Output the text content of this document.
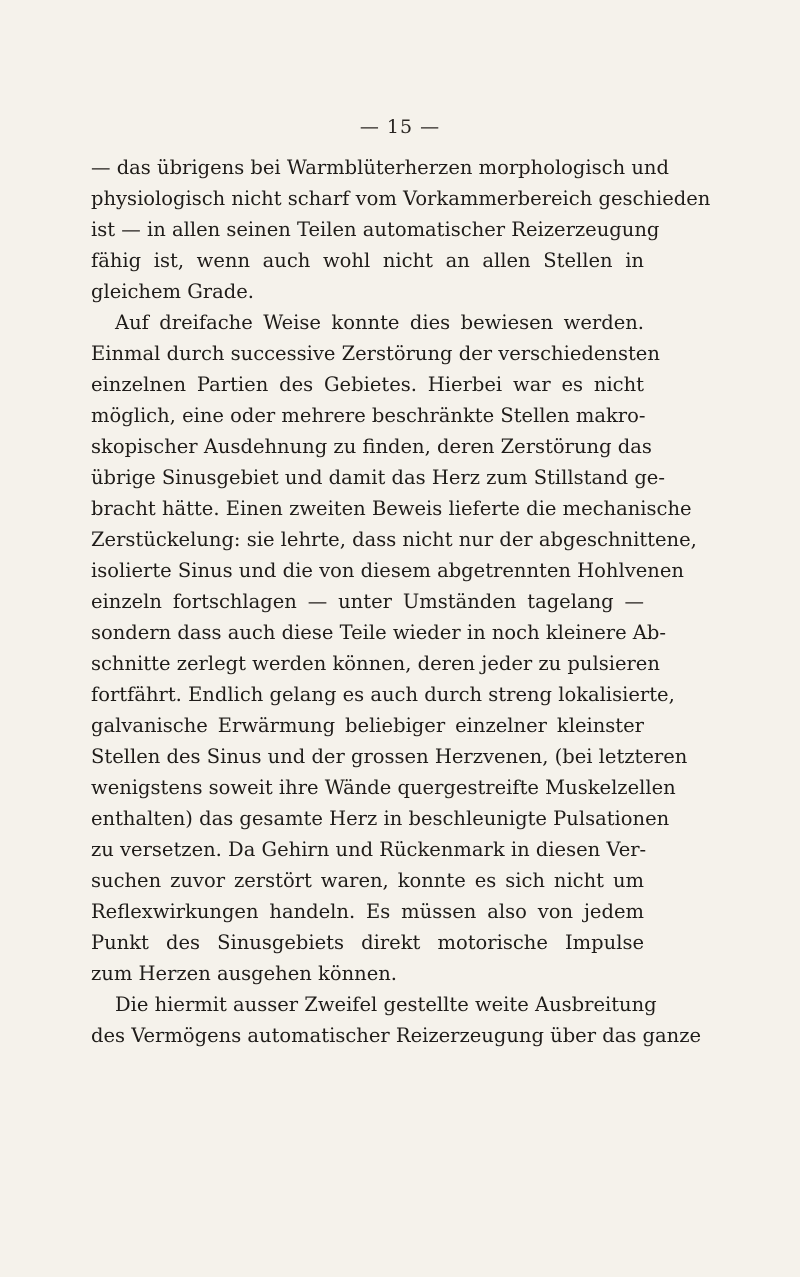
— 15 —
— das übrigens bei Warmblüterherzen morphologisch und
physiologisch nicht scharf vom Vorkammerbereich geschieden
ist — in allen seinen Teilen automatischer Reizerzeugung
fähig ist, wenn auch wohl nicht an allen Stellen in
gleichem Grade.
Auf dreifache Weise konnte dies bewiesen werden.
Einmal durch successive Zerstörung der verschiedensten
einzelnen Partien des Gebietes. Hierbei war es nicht
möglich, eine oder mehrere beschränkte Stellen makro-
skopischer Ausdehnung zu finden, deren Zerstörung das
übrige Sinusgebiet und damit das Herz zum Stillstand ge-
bracht hätte. Einen zweiten Beweis lieferte die mechanische
Zerstückelung: sie lehrte, dass nicht nur der abgeschnittene,
isolierte Sinus und die von diesem abgetrennten Hohlvenen
einzeln fortschlagen — unter Umständen tagelang —
sondern dass auch diese Teile wieder in noch kleinere Ab-
schnitte zerlegt werden können, deren jeder zu pulsieren
fortfährt. Endlich gelang es auch durch streng lokalisierte,
galvanische Erwärmung beliebiger einzelner kleinster
Stellen des Sinus und der grossen Herzvenen, (bei letzteren
wenigstens soweit ihre Wände quergestreifte Muskelzellen
enthalten) das gesamte Herz in beschleunigte Pulsationen
zu versetzen. Da Gehirn und Rückenmark in diesen Ver-
suchen zuvor zerstört waren, konnte es sich nicht um
Reflexwirkungen handeln. Es müssen also von jedem
Punkt des Sinusgebiets direkt motorische Impulse
zum Herzen ausgehen können.
Die hiermit ausser Zweifel gestellte weite Ausbreitung
des Vermögens automatischer Reizerzeugung über das ganze
